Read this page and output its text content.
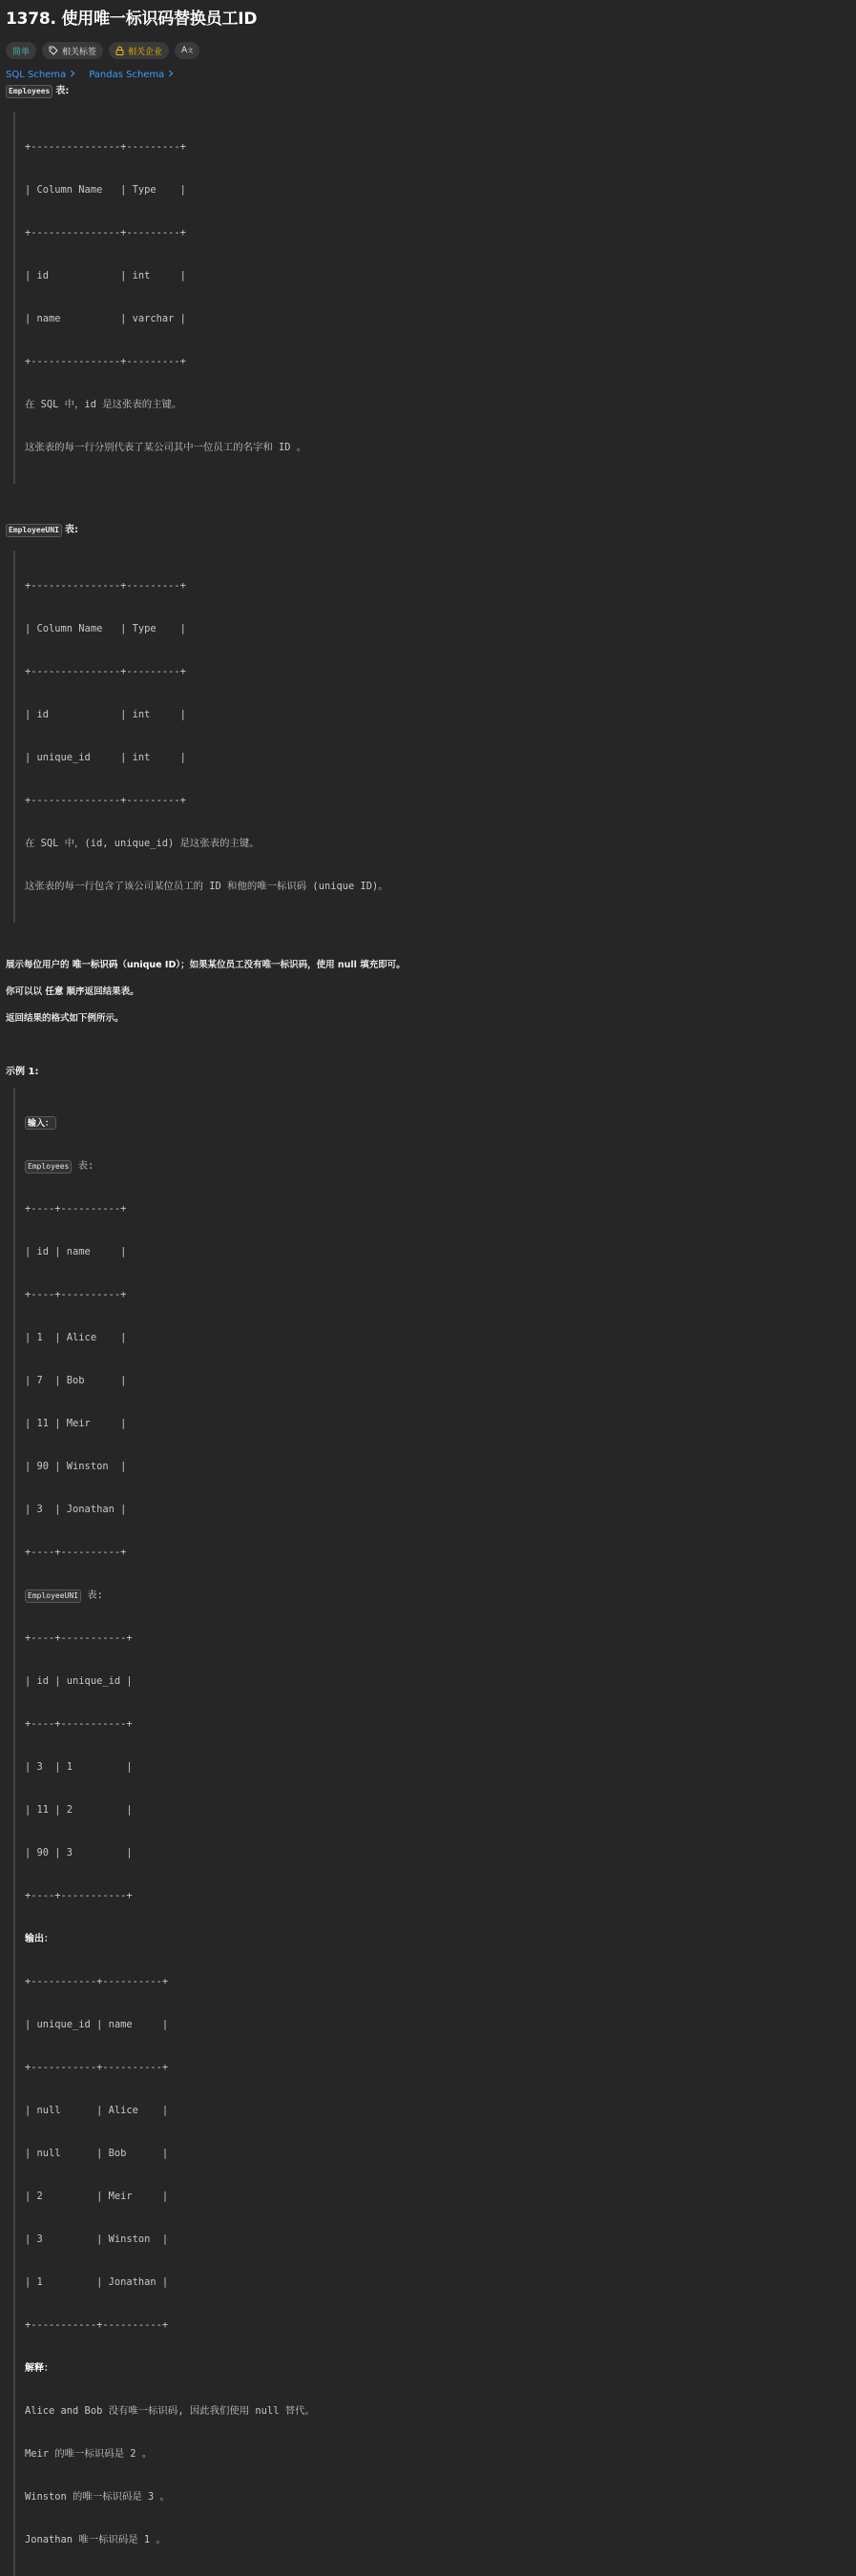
1378. 使用唯一标识码替换员工ID
简单	相关标签	相关企业 A文
SQL Schema Pandas Schema
Employees 表:

+---------------+---------+

| Column Name   | Type    |

+---------------+---------+

| id            | int     |

| name          | varchar |

+---------------+---------+

在 SQL 中，id 是这张表的主键。

这张表的每一行分别代表了某公司其中一位员工的名字和 ID 。

EmployeeUNI 表:

+---------------+---------+

| Column Name   | Type    |

+---------------+---------+

| id            | int     |

| unique_id     | int     |

+---------------+---------+

在 SQL 中，(id, unique_id) 是这张表的主键。

这张表的每一行包含了该公司某位员工的 ID 和他的唯一标识码 (unique ID)。

展示每位用户的 唯一标识码（unique ID）；如果某位员工没有唯一标识码，使用 null 填充即可。
你可以以 任意 顺序返回结果表。
返回结果的格式如下例所示。
示例 1:

输入：

Employees 表:

+----+----------+

| id | name     |

+----+----------+

| 1  | Alice    |

| 7  | Bob      |

| 11 | Meir     |

| 90 | Winston  |

| 3  | Jonathan |

+----+----------+

EmployeeUNI 表:

+----+-----------+

| id | unique_id |

+----+-----------+

| 3  | 1         |

| 11 | 2         |

| 90 | 3         |

+----+-----------+

输出：

+-----------+----------+

| unique_id | name     |

+-----------+----------+

| null      | Alice    |

| null      | Bob      |

| 2         | Meir     |

| 3         | Winston  |

| 1         | Jonathan |

+-----------+----------+

解释：

Alice and Bob 没有唯一标识码, 因此我们使用 null 替代。

Meir 的唯一标识码是 2 。

Winston 的唯一标识码是 3 。

Jonathan 唯一标识码是 1 。
